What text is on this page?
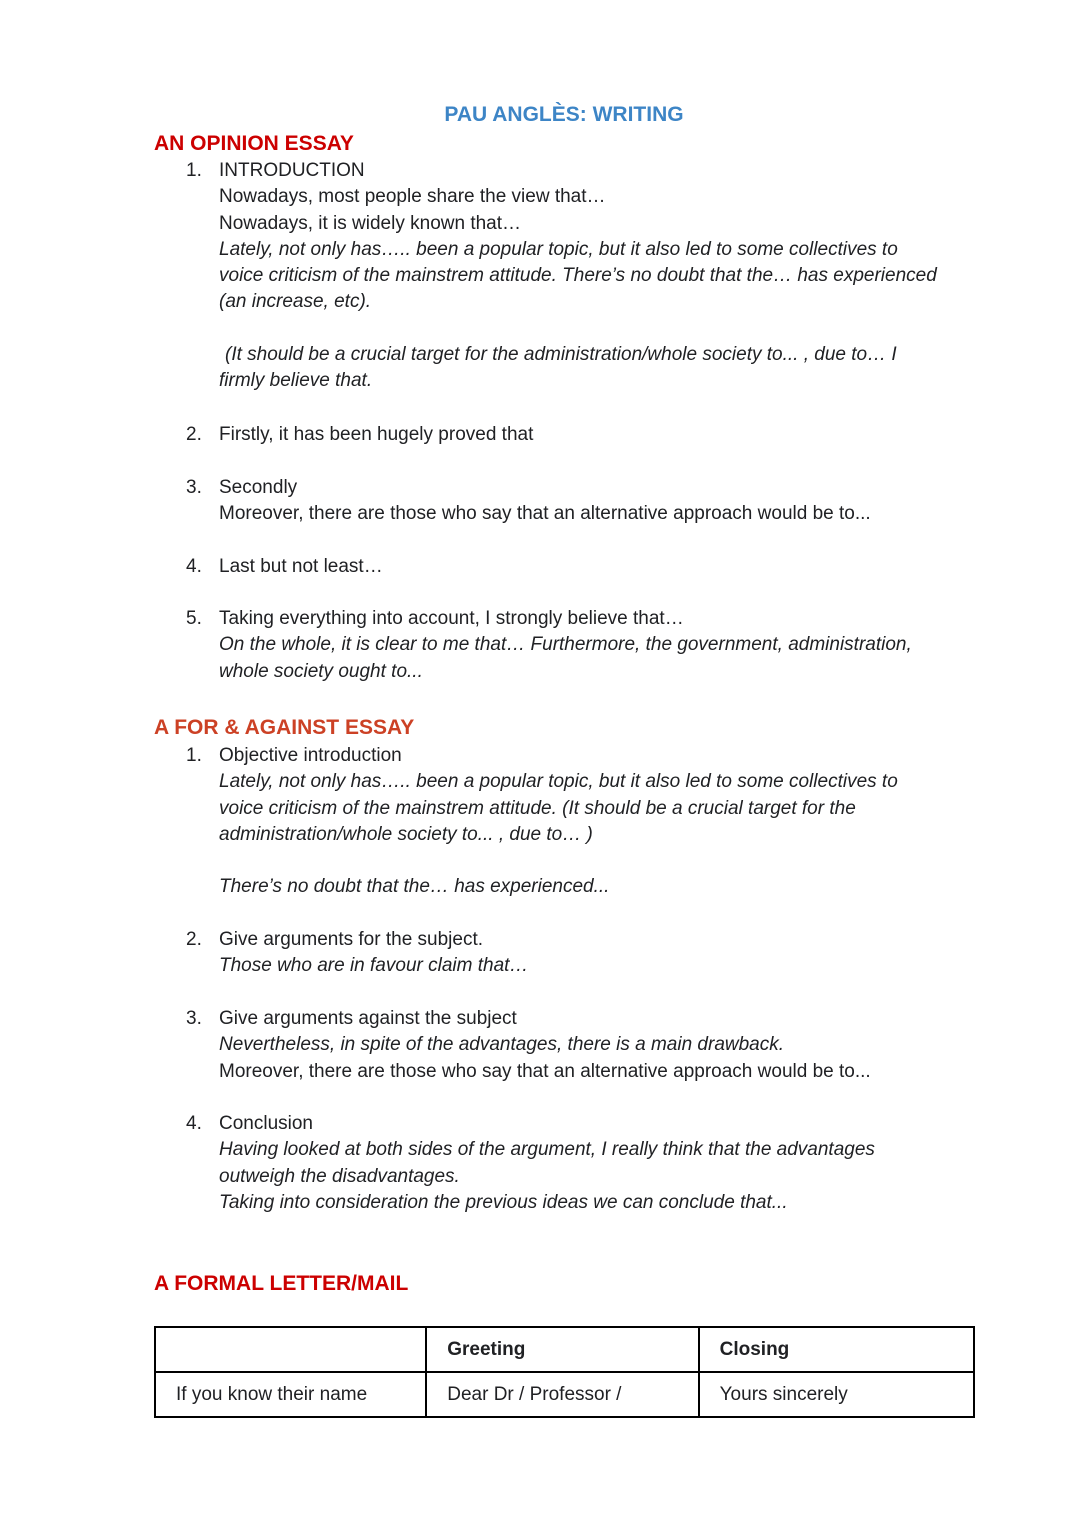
PAU ANGLÈS: WRITING
AN OPINION ESSAY
1. INTRODUCTION
Nowadays, most people share the view that…
Nowadays, it is widely known that…
Lately, not only has….. been a popular topic, but it also led to some collectives to
voice criticism of the mainstrem attitude. There’s no doubt that the… has experienced
(an increase, etc).
(It should be a crucial target for the administration/whole society to... , due to… I
firmly believe that.
2. Firstly, it has been hugely proved that
3. Secondly
Moreover, there are those who say that an alternative approach would be to...
4. Last but not least…
5. Taking everything into account, I strongly believe that…
On the whole, it is clear to me that… Furthermore, the government, administration,
whole society ought to...
A FOR & AGAINST ESSAY
1. Objective introduction
Lately, not only has….. been a popular topic, but it also led to some collectives to
voice criticism of the mainstrem attitude. (It should be a crucial target for the
administration/whole society to... , due to… )
There’s no doubt that the… has experienced...
2. Give arguments for the subject.
Those who are in favour claim that…
3. Give arguments against the subject
Nevertheless, in spite of the advantages, there is a main drawback.
Moreover, there are those who say that an alternative approach would be to...
4. Conclusion
Having looked at both sides of the argument, I really think that the advantages
outweigh the disadvantages.
Taking into consideration the previous ideas we can conclude that...
A FORMAL LETTER/MAIL
	Greeting	Closing
If you know their name	Dear Dr / Professor /	Yours sincerely
